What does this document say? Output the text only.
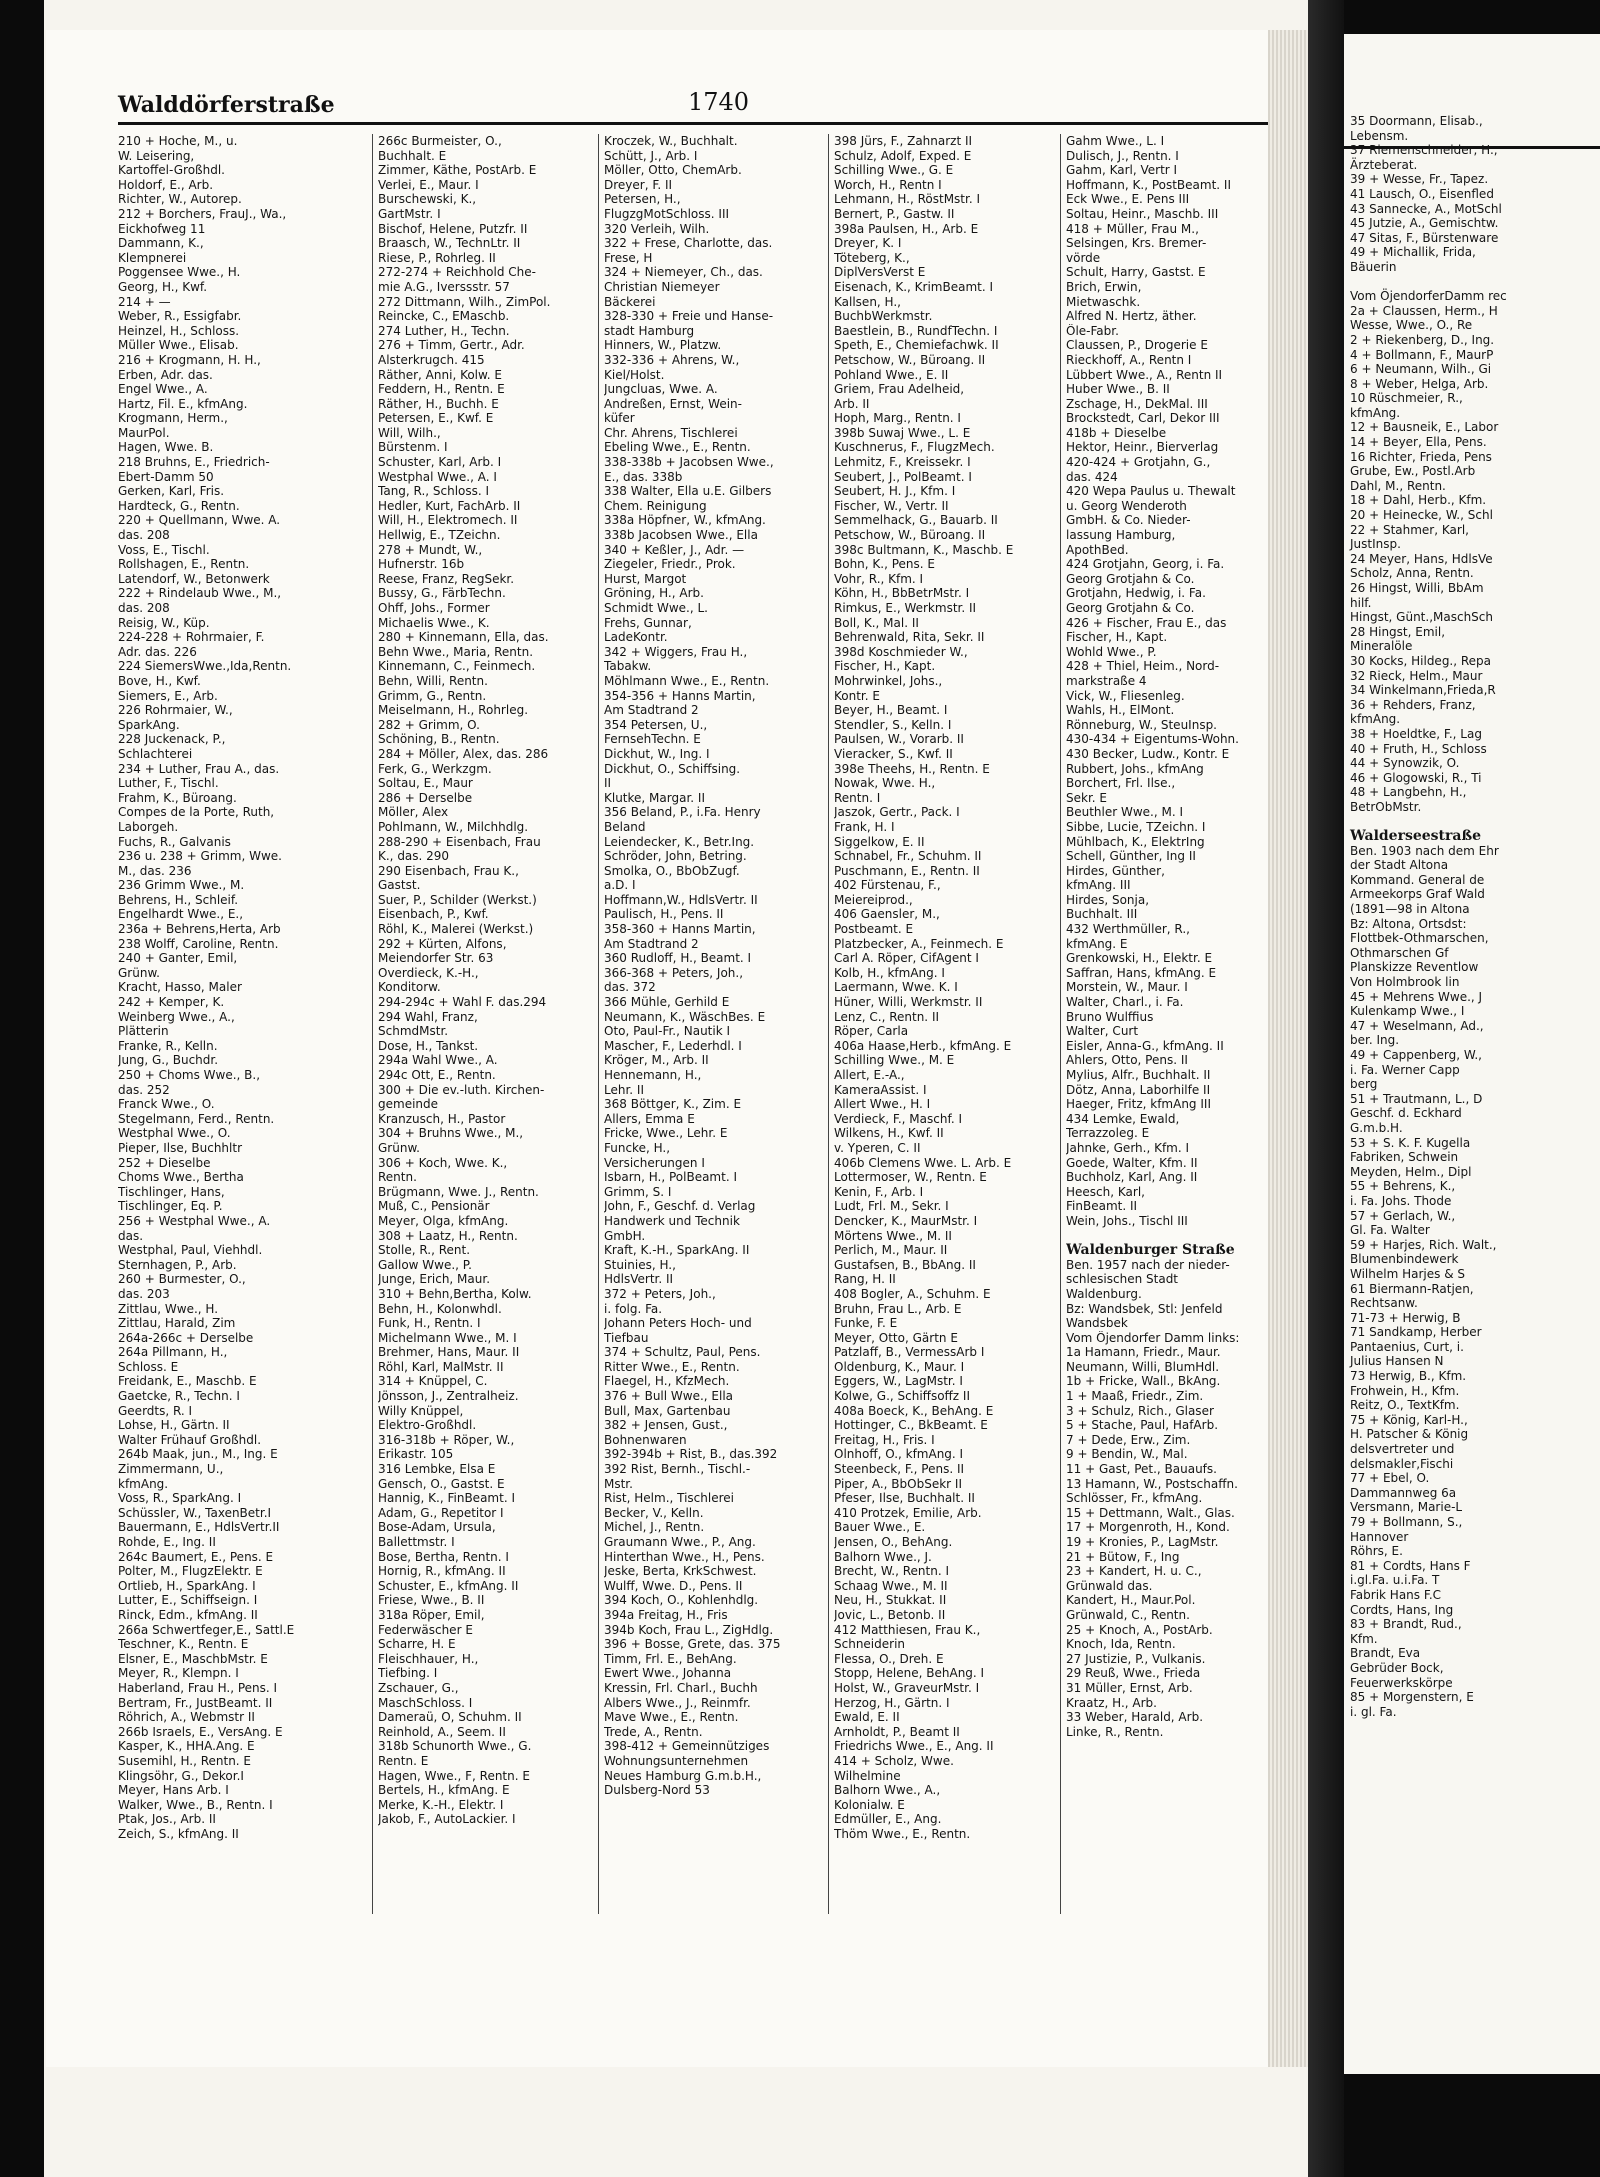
35 Doormann, Elisab.,
Lebensm.
37 Riemenschneider, H.,
Ärzteberat.
39 + Wesse, Fr., Tapez.
41 Lausch, O., Eisenfled
43 Sannecke, A., MotSchl
45 Jutzie, A., Gemischtw.
47 Sitas, F., Bürstenware
49 + Michallik, Frida,
Bäuerin

Vom ÖjendorferDamm rec
2a + Claussen, Herm., H
Wesse, Wwe., O., Re
2 + Riekenberg, D., Ing.
4 + Bollmann, F., MaurP
6 + Neumann, Wilh., Gi
8 + Weber, Helga, Arb.
10 Rüschmeier, R.,
kfmAng.
12 + Bausneik, E., Labor
14 + Beyer, Ella, Pens.
16 Richter, Frieda, Pens
Grube, Ew., Postl.Arb
Dahl, M., Rentn.
18 + Dahl, Herb., Kfm.
20 + Heinecke, W., Schl
22 + Stahmer, Karl,
JustInsp.
24 Meyer, Hans, HdlsVe
Scholz, Anna, Rentn.
26 Hingst, Willi, BbAm
hilf.
Hingst, Günt.,MaschSch
28 Hingst, Emil,
Mineralöle
30 Kocks, Hildeg., Repa
32 Rieck, Helm., Maur
34 Winkelmann,Frieda,R
36 + Rehders, Franz,
kfmAng.
38 + Hoeldtke, F., Lag
40 + Fruth, H., Schloss
44 + Synowzik, O.
46 + Glogowski, R., Ti
48 + Langbehn, H.,
BetrObMstr.

Walderseestraße
Ben. 1903 nach dem Ehr
der Stadt Altona
Kommand. General de
Armeekorps Graf Wald
(1891—98 in Altona
Bz: Altona, Ortsdst:
Flottbek-Othmarschen,
Othmarschen Gf
Planskizze Reventlow
Von Holmbrook lin
45 + Mehrens Wwe., J
Kulenkamp Wwe., I
47 + Weselmann, Ad.,
ber. Ing.
49 + Cappenberg, W.,
i. Fa. Werner Capp
berg
51 + Trautmann, L., D
Geschf. d. Eckhard
G.m.b.H.
53 + S. K. F. Kugella
Fabriken, Schwein
Meyden, Helm., Dipl
55 + Behrens, K.,
i. Fa. Johs. Thode
57 + Gerlach, W.,
Gl. Fa. Walter
59 + Harjes, Rich. Walt.,
Blumenbindewerk
Wilhelm Harjes & S
61 Biermann-Ratjen,
Rechtsanw.
71-73 + Herwig, B
71 Sandkamp, Herber
Pantaenius, Curt, i.
Julius Hansen N
73 Herwig, B., Kfm.
Frohwein, H., Kfm.
Reitz, O., TextKfm.
75 + König, Karl-H.,
H. Patscher & König
delsvertreter und
delsmakler,Fischi
77 + Ebel, O.
Dammannweg 6a
Versmann, Marie-L
79 + Bollmann, S.,
Hannover
Röhrs, E.
81 + Cordts, Hans F
i.gl.Fa. u.i.Fa. T
Fabrik Hans F.C
Cordts, Hans, Ing
83 + Brandt, Rud.,
Kfm.
Brandt, Eva
Gebrüder Bock,
Feuerwerkskörpe
85 + Morgenstern, E
i. gl. Fa.
Walddörferstraße	1740
210 + Hoche, M., u.
W. Leisering,
Kartoffel-Großhdl.
Holdorf, E., Arb.
Richter, W., Autorep.
212 + Borchers, FrauJ., Wa.,
Eickhofweg 11
Dammann, K.,
Klempnerei
Poggensee Wwe., H.
Georg, H., Kwf.
214 + —
Weber, R., Essigfabr.
Heinzel, H., Schloss.
Müller Wwe., Elisab.
216 + Krogmann, H. H.,
Erben, Adr. das.
Engel Wwe., A.
Hartz, Fil. E., kfmAng.
Krogmann, Herm.,
MaurPol.
Hagen, Wwe. B.
218 Bruhns, E., Friedrich-
Ebert-Damm 50
Gerken, Karl, Fris.
Hardteck, G., Rentn.
220 + Quellmann, Wwe. A.
das. 208
Voss, E., Tischl.
Rollshagen, E., Rentn.
Latendorf, W., Betonwerk
222 + Rindelaub Wwe., M.,
das. 208
Reisig, W., Küp.
224-228 + Rohrmaier, F.
Adr. das. 226
224 SiemersWwe.,Ida,Rentn.
Bove, H., Kwf.
Siemers, E., Arb.
226 Rohrmaier, W.,
SparkAng.
228 Juckenack, P.,
Schlachterei
234 + Luther, Frau A., das.
Luther, F., Tischl.
Frahm, K., Büroang.
Compes de la Porte, Ruth,
Laborgeh.
Fuchs, R., Galvanis
236 u. 238 + Grimm, Wwe.
M., das. 236
236 Grimm Wwe., M.
Behrens, H., Schleif.
Engelhardt Wwe., E.,
236a + Behrens,Herta, Arb
238 Wolff, Caroline, Rentn.
240 + Ganter, Emil,
Grünw.
Kracht, Hasso, Maler
242 + Kemper, K.
Weinberg Wwe., A.,
Plätterin
Franke, R., Kelln.
Jung, G., Buchdr.
250 + Choms Wwe., B.,
das. 252
Franck Wwe., O.
Stegelmann, Ferd., Rentn.
Westphal Wwe., O.
Pieper, Ilse, Buchhltr
252 + Dieselbe
Choms Wwe., Bertha
Tischlinger, Hans,
Tischlinger, Eq. P.
256 + Westphal Wwe., A.
das.
Westphal, Paul, Viehhdl.
Sternhagen, P., Arb.
260 + Burmester, O.,
das. 203
Zittlau, Wwe., H.
Zittlau, Harald, Zim
264a-266c + Derselbe
264a Pillmann, H.,
Schloss. E
Freidank, E., Maschb. E
Gaetcke, R., Techn. I
Geerdts, R. I
Lohse, H., Gärtn. II
Walter Frühauf Großhdl.
264b Maak, jun., M., Ing. E
Zimmermann, U.,
kfmAng.
Voss, R., SparkAng. I
Schüssler, W., TaxenBetr.I
Bauermann, E., HdlsVertr.II
Rohde, E., Ing. II
264c Baumert, E., Pens. E
Polter, M., FlugzElektr. E
Ortlieb, H., SparkAng. I
Lutter, E., Schiffseign. I
Rinck, Edm., kfmAng. II
266a Schwertfeger,E., Sattl.E
Teschner, K., Rentn. E
Elsner, E., MaschbMstr. E
Meyer, R., Klempn. I
Haberland, Frau H., Pens. I
Bertram, Fr., JustBeamt. II
Röhrich, A., Webmstr II
266b Israels, E., VersAng. E
Kasper, K., HHA.Ang. E
Susemihl, H., Rentn. E
Klingsöhr, G., Dekor.I
Meyer, Hans Arb. I
Walker, Wwe., B., Rentn. I
Ptak, Jos., Arb. II
Zeich, S., kfmAng. II
266c Burmeister, O.,
Buchhalt. E
Zimmer, Käthe, PostArb. E
Verlei, E., Maur. I
Burschewski, K.,
GartMstr. I
Bischof, Helene, Putzfr. II
Braasch, W., TechnLtr. II
Riese, P., Rohrleg. II
272-274 + Reichhold Che-
mie A.G., Iverssstr. 57
272 Dittmann, Wilh., ZimPol.
Reincke, C., EMaschb.
274 Luther, H., Techn.
276 + Timm, Gertr., Adr.
Alsterkrugch. 415
Räther, Anni, Kolw. E
Feddern, H., Rentn. E
Räther, H., Buchh. E
Petersen, E., Kwf. E
Will, Wilh.,
Bürstenm. I
Schuster, Karl, Arb. I
Westphal Wwe., A. I
Tang, R., Schloss. I
Hedler, Kurt, FachArb. II
Will, H., Elektromech. II
Hellwig, E., TZeichn.
278 + Mundt, W.,
Hufnerstr. 16b
Reese, Franz, RegSekr.
Bussy, G., FärbTechn.
Ohff, Johs., Former
Michaelis Wwe., K.
280 + Kinnemann, Ella, das.
Behn Wwe., Maria, Rentn.
Kinnemann, C., Feinmech.
Behn, Willi, Rentn.
Grimm, G., Rentn.
Meiselmann, H., Rohrleg.
282 + Grimm, O.
Schöning, B., Rentn.
284 + Möller, Alex, das. 286
Ferk, G., Werkzgm.
Soltau, E., Maur
286 + Derselbe
Möller, Alex
Pohlmann, W., Milchhdlg.
288-290 + Eisenbach, Frau
K., das. 290
290 Eisenbach, Frau K.,
Gastst.
Suer, P., Schilder (Werkst.)
Eisenbach, P., Kwf.
Röhl, K., Malerei (Werkst.)
292 + Kürten, Alfons,
Meiendorfer Str. 63
Overdieck, K.-H.,
Konditorw.
294-294c + Wahl F. das.294
294 Wahl, Franz,
SchmdMstr.
Dose, H., Tankst.
294a Wahl Wwe., A.
294c Ott, E., Rentn.
300 + Die ev.-luth. Kirchen-
gemeinde
Kranzusch, H., Pastor
304 + Bruhns Wwe., M.,
Grünw.
306 + Koch, Wwe. K.,
Rentn.
Brügmann, Wwe. J., Rentn.
Muß, C., Pensionär
Meyer, Olga, kfmAng.
308 + Laatz, H., Rentn.
Stolle, R., Rent.
Gallow Wwe., P.
Junge, Erich, Maur.
310 + Behn,Bertha, Kolw.
Behn, H., Kolonwhdl.
Funk, H., Rentn. I
Michelmann Wwe., M. I
Brehmer, Hans, Maur. II
Röhl, Karl, MalMstr. II
314 + Knüppel, C.
Jönsson, J., Zentralheiz.
Willy Knüppel,
Elektro-Großhdl.
316-318b + Röper, W.,
Erikastr. 105
316 Lembke, Elsa E
Gensch, O., Gastst. E
Hannig, K., FinBeamt. I
Adam, G., Repetitor I
Bose-Adam, Ursula,
Ballettmstr. I
Bose, Bertha, Rentn. I
Hornig, R., kfmAng. II
Schuster, E., kfmAng. II
Friese, Wwe., B. II
318a Röper, Emil,
Federwäscher E
Scharre, H. E
Fleischhauer, H.,
Tiefbing. I
Zschauer, G.,
MaschSchloss. I
Dameraü, O, Schuhm. II
Reinhold, A., Seem. II
318b Schunorth Wwe., G.
Rentn. E
Hagen, Wwe., F, Rentn. E
Bertels, H., kfmAng. E
Merke, K.-H., Elektr. I
Jakob, F., AutoLackier. I
Kroczek, W., Buchhalt.
Schütt, J., Arb. I
Möller, Otto, ChemArb.
Dreyer, F. II
Petersen, H.,
FlugzgMotSchloss. III
320 Verleih, Wilh.
322 + Frese, Charlotte, das.
Frese, H
324 + Niemeyer, Ch., das.
Christian Niemeyer
Bäckerei
328-330 + Freie und Hanse-
stadt Hamburg
Hinners, W., Platzw.
332-336 + Ahrens, W.,
Kiel/Holst.
Jungcluas, Wwe. A.
Andreßen, Ernst, Wein-
küfer
Chr. Ahrens, Tischlerei
Ebeling Wwe., E., Rentn.
338-338b + Jacobsen Wwe.,
E., das. 338b
338 Walter, Ella u.E. Gilbers
Chem. Reinigung
338a Höpfner, W., kfmAng.
338b Jacobsen Wwe., Ella
340 + Keßler, J., Adr. —
Ziegeler, Friedr., Prok.
Hurst, Margot
Gröning, H., Arb.
Schmidt Wwe., L.
Frehs, Gunnar,
LadeKontr.
342 + Wiggers, Frau H.,
Tabakw.
Möhlmann Wwe., E., Rentn.
354-356 + Hanns Martin,
Am Stadtrand 2
354 Petersen, U.,
FernsehTechn. E
Dickhut, W., Ing. I
Dickhut, O., Schiffsing.
II
Klutke, Margar. II
356 Beland, P., i.Fa. Henry
Beland
Leiendecker, K., Betr.Ing.
Schröder, John, Betring.
Smolka, O., BbObZugf.
a.D. I
Hoffmann,W., HdlsVertr. II
Paulisch, H., Pens. II
358-360 + Hanns Martin,
Am Stadtrand 2
360 Rudloff, H., Beamt. I
366-368 + Peters, Joh.,
das. 372
366 Mühle, Gerhild E
Neumann, K., WäschBes. E
Oto, Paul-Fr., Nautik I
Mascher, F., Lederhdl. I
Kröger, M., Arb. II
Hennemann, H.,
Lehr. II
368 Böttger, K., Zim. E
Allers, Emma E
Fricke, Wwe., Lehr. E
Funcke, H.,
Versicherungen I
Isbarn, H., PolBeamt. I
Grimm, S. I
John, F., Geschf. d. Verlag
Handwerk und Technik
GmbH.
Kraft, K.-H., SparkAng. II
Stuinies, H.,
HdlsVertr. II
372 + Peters, Joh.,
i. folg. Fa.
Johann Peters Hoch- und
Tiefbau
374 + Schultz, Paul, Pens.
Ritter Wwe., E., Rentn.
Flaegel, H., KfzMech.
376 + Bull Wwe., Ella
Bull, Max, Gartenbau
382 + Jensen, Gust.,
Bohnenwaren
392-394b + Rist, B., das.392
392 Rist, Bernh., Tischl.-
Mstr.
Rist, Helm., Tischlerei
Becker, V., Kelln.
Michel, J., Rentn.
Graumann Wwe., P., Ang.
Hinterthan Wwe., H., Pens.
Jeske, Berta, KrkSchwest.
Wulff, Wwe. D., Pens. II
394 Koch, O., Kohlenhdlg.
394a Freitag, H., Fris
394b Koch, Frau L., ZigHdlg.
396 + Bosse, Grete, das. 375
Timm, Frl. E., BehAng.
Ewert Wwe., Johanna
Kressin, Frl. Charl., Buchh
Albers Wwe., J., Reinmfr.
Mave Wwe., E., Rentn.
Trede, A., Rentn.
398-412 + Gemeinnütziges
Wohnungsunternehmen
Neues Hamburg G.m.b.H.,
Dulsberg-Nord 53
398 Jürs, F., Zahnarzt II
Schulz, Adolf, Exped. E
Schilling Wwe., G. E
Worch, H., Rentn I
Lehmann, H., RöstMstr. I
Bernert, P., Gastw. II
398a Paulsen, H., Arb. E
Dreyer, K. I
Töteberg, K.,
DiplVersVerst E
Eisenach, K., KrimBeamt. I
Kallsen, H.,
BuchbWerkmstr.
Baestlein, B., RundfTechn. I
Speth, E., Chemiefachwk. II
Petschow, W., Büroang. II
Pohland Wwe., E. II
Griem, Frau Adelheid,
Arb. II
Hoph, Marg., Rentn. I
398b Suwaj Wwe., L. E
Kuschnerus, F., FlugzMech.
Lehmitz, F., Kreissekr. I
Seubert, J., PolBeamt. I
Seubert, H. J., Kfm. I
Fischer, W., Vertr. II
Semmelhack, G., Bauarb. II
Petschow, W., Büroang. II
398c Bultmann, K., Maschb. E
Bohn, K., Pens. E
Vohr, R., Kfm. I
Köhn, H., BbBetrMstr. I
Rimkus, E., Werkmstr. II
Boll, K., Mal. II
Behrenwald, Rita, Sekr. II
398d Koschmieder W.,
Fischer, H., Kapt.
Mohrwinkel, Johs.,
Kontr. E
Beyer, H., Beamt. I
Stendler, S., Kelln. I
Paulsen, W., Vorarb. II
Vieracker, S., Kwf. II
398e Theehs, H., Rentn. E
Nowak, Wwe. H.,
Rentn. I
Jaszok, Gertr., Pack. I
Frank, H. I
Siggelkow, E. II
Schnabel, Fr., Schuhm. II
Puschmann, E., Rentn. II
402 Fürstenau, F.,
Meiereiprod.,
406 Gaensler, M.,
Postbeamt. E
Platzbecker, A., Feinmech. E
Carl A. Röper, CifAgent I
Kolb, H., kfmAng. I
Laermann, Wwe. K. I
Hüner, Willi, Werkmstr. II
Lenz, C., Rentn. II
Röper, Carla
406a Haase,Herb., kfmAng. E
Schilling Wwe., M. E
Allert, E.-A.,
KameraAssist. I
Allert Wwe., H. I
Verdieck, F., Maschf. I
Wilkens, H., Kwf. II
v. Yperen, C. II
406b Clemens Wwe. L. Arb. E
Lottermoser, W., Rentn. E
Kenin, F., Arb. I
Ludt, Frl. M., Sekr. I
Dencker, K., MaurMstr. I
Mörtens Wwe., M. II
Perlich, M., Maur. II
Gustafsen, B., BbAng. II
Rang, H. II
408 Bogler, A., Schuhm. E
Bruhn, Frau L., Arb. E
Funke, F. E
Meyer, Otto, Gärtn E
Patzlaff, B., VermessArb I
Oldenburg, K., Maur. I
Eggers, W., LagMstr. I
Kolwe, G., Schiffsoffz II
408a Boeck, K., BehAng. E
Hottinger, C., BkBeamt. E
Freitag, H., Fris. I
Olnhoff, O., kfmAng. I
Steenbeck, F., Pens. II
Piper, A., BbObSekr II
Pfeser, Ilse, Buchhalt. II
410 Protzek, Emilie, Arb.
Bauer Wwe., E.
Jensen, O., BehAng.
Balhorn Wwe., J.
Brecht, W., Rentn. I
Schaag Wwe., M. II
Neu, H., Stukkat. II
Jovic, L., Betonb. II
412 Matthiesen, Frau K.,
Schneiderin
Flessa, O., Dreh. E
Stopp, Helene, BehAng. I
Holst, W., GraveurMstr. I
Herzog, H., Gärtn. I
Ewald, E. II
Arnholdt, P., Beamt II
Friedrichs Wwe., E., Ang. II
414 + Scholz, Wwe.
Wilhelmine
Balhorn Wwe., A.,
Kolonialw. E
Edmüller, E., Ang.
Thöm Wwe., E., Rentn.
Gahm Wwe., L. I
Dulisch, J., Rentn. I
Gahm, Karl, Vertr I
Hoffmann, K., PostBeamt. II
Eck Wwe., E. Pens III
Soltau, Heinr., Maschb. III
418 + Müller, Frau M.,
Selsingen, Krs. Bremer-
vörde
Schult, Harry, Gastst. E
Brich, Erwin,
Mietwaschk.
Alfred N. Hertz, äther.
Öle-Fabr.
Claussen, P., Drogerie E
Rieckhoff, A., Rentn I
Lübbert Wwe., A., Rentn II
Huber Wwe., B. II
Zschage, H., DekMal. III
Brockstedt, Carl, Dekor III
418b + Dieselbe
Hektor, Heinr., Bierverlag
420-424 + Grotjahn, G.,
das. 424
420 Wepa Paulus u. Thewalt
u. Georg Wenderoth
GmbH. & Co. Nieder-
lassung Hamburg,
ApothBed.
424 Grotjahn, Georg, i. Fa.
Georg Grotjahn & Co.
Grotjahn, Hedwig, i. Fa.
Georg Grotjahn & Co.
426 + Fischer, Frau E., das
Fischer, H., Kapt.
Wohld Wwe., P.
428 + Thiel, Heim., Nord-
markstraße 4
Vick, W., Fliesenleg.
Wahls, H., ElMont.
Rönneburg, W., SteuInsp.
430-434 + Eigentums-Wohn.
430 Becker, Ludw., Kontr. E
Rubbert, Johs., kfmAng
Borchert, Frl. Ilse.,
Sekr. E
Beuthler Wwe., M. I
Sibbe, Lucie, TZeichn. I
Mühlbach, K., ElektrIng
Schell, Günther, Ing II
Hirdes, Günther,
kfmAng. III
Hirdes, Sonja,
Buchhalt. III
432 Werthmüller, R.,
kfmAng. E
Grenkowski, H., Elektr. E
Saffran, Hans, kfmAng. E
Morstein, W., Maur. I
Walter, Charl., i. Fa.
Bruno Wulffius
Walter, Curt
Eisler, Anna-G., kfmAng. II
Ahlers, Otto, Pens. II
Mylius, Alfr., Buchhalt. II
Dötz, Anna, Laborhilfe II
Haeger, Fritz, kfmAng III
434 Lemke, Ewald,
Terrazzoleg. E
Jahnke, Gerh., Kfm. I
Goede, Walter, Kfm. II
Buchholz, Karl, Ang. II
Heesch, Karl,
FinBeamt. II
Wein, Johs., Tischl III

Waldenburger Straße
Ben. 1957 nach der nieder-
schlesischen Stadt
Waldenburg.
Bz: Wandsbek, Stl: Jenfeld
Wandsbek
Vom Öjendorfer Damm links:
1a Hamann, Friedr., Maur.
Neumann, Willi, BlumHdl.
1b + Fricke, Wall., BkAng.
1 + Maaß, Friedr., Zim.
3 + Schulz, Rich., Glaser
5 + Stache, Paul, HafArb.
7 + Dede, Erw., Zim.
9 + Bendin, W., Mal.
11 + Gast, Pet., Bauaufs.
13 Hamann, W., Postschaffn.
Schlösser, Fr., kfmAng.
15 + Dettmann, Walt., Glas.
17 + Morgenroth, H., Kond.
19 + Kronies, P., LagMstr.
21 + Bütow, F., Ing
23 + Kandert, H. u. C.,
Grünwald das.
Kandert, H., Maur.Pol.
Grünwald, C., Rentn.
25 + Knoch, A., PostArb.
Knoch, Ida, Rentn.
27 Justizie, P., Vulkanis.
29 Reuß, Wwe., Frieda
31 Müller, Ernst, Arb.
Kraatz, H., Arb.
33 Weber, Harald, Arb.
Linke, R., Rentn.
